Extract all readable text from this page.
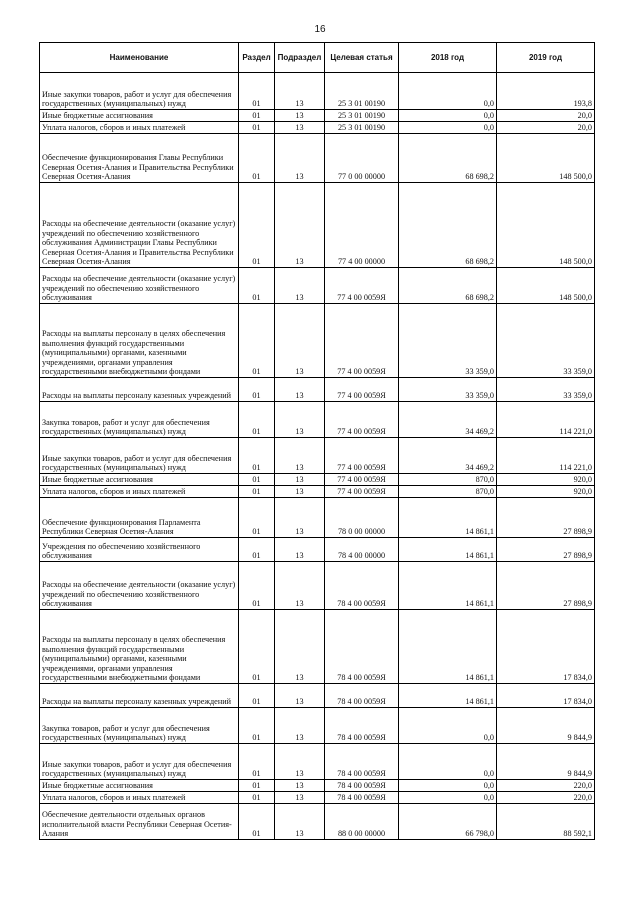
16
Наименование	Раздел	Подраздел	Целевая статья	2018 год	2019 год
Иные закупки товаров, работ и услуг для обеспечения государственных (муниципальных) нужд	01	13	25 3 01 00190	0,0	193,8
Иные бюджетные ассигнования	01	13	25 3 01 00190	0,0	20,0
Уплата налогов, сборов и иных платежей	01	13	25 3 01 00190	0,0	20,0
Обеспечение функционирования Главы Республики Северная Осетия-Алания и Правительства Республики Северная Осетия-Алания	01	13	77 0 00 00000	68 698,2	148 500,0
Расходы на обеспечение деятельности (оказание услуг) учреждений по обеспечению хозяйственного обслуживания Администрации Главы Республики Северная Осетия-Алания и Правительства Республики Северная Осетия-Алания	01	13	77 4 00 00000	68 698,2	148 500,0
Расходы на обеспечение деятельности (оказание услуг) учреждений по обеспечению хозяйственного обслуживания	01	13	77 4 00 0059Я	68 698,2	148 500,0
Расходы на выплаты персоналу в целях обеспечения выполнения функций государственными (муниципальными) органами, казенными учреждениями, органами управления государственными внебюджетными фондами	01	13	77 4 00 0059Я	33 359,0	33 359,0
Расходы на выплаты персоналу казенных учреждений	01	13	77 4 00 0059Я	33 359,0	33 359,0
Закупка товаров, работ и услуг для обеспечения государственных (муниципальных) нужд	01	13	77 4 00 0059Я	34 469,2	114 221,0
Иные закупки товаров, работ и услуг для обеспечения государственных (муниципальных) нужд	01	13	77 4 00 0059Я	34 469,2	114 221,0
Иные бюджетные ассигнования	01	13	77 4 00 0059Я	870,0	920,0
Уплата налогов, сборов и иных платежей	01	13	77 4 00 0059Я	870,0	920,0
Обеспечение функционирования Парламента Республики Северная Осетия-Алания	01	13	78 0 00 00000	14 861,1	27 898,9
Учреждения по обеспечению хозяйственного обслуживания	01	13	78 4 00 00000	14 861,1	27 898,9
Расходы на обеспечение деятельности (оказание услуг) учреждений по обеспечению хозяйственного обслуживания	01	13	78 4 00 0059Я	14 861,1	27 898,9
Расходы на выплаты персоналу в целях обеспечения выполнения функций государственными (муниципальными) органами, казенными учреждениями, органами управления государственными внебюджетными фондами	01	13	78 4 00 0059Я	14 861,1	17 834,0
Расходы на выплаты персоналу казенных учреждений	01	13	78 4 00 0059Я	14 861,1	17 834,0
Закупка товаров, работ и услуг для обеспечения государственных (муниципальных) нужд	01	13	78 4 00 0059Я	0,0	9 844,9
Иные закупки товаров, работ и услуг для обеспечения государственных (муниципальных) нужд	01	13	78 4 00 0059Я	0,0	9 844,9
Иные бюджетные ассигнования	01	13	78 4 00 0059Я	0,0	220,0
Уплата налогов, сборов и иных платежей	01	13	78 4 00 0059Я	0,0	220,0
Обеспечение деятельности отдельных органов исполнительной власти Республики Северная Осетия-Алания	01	13	88 0 00 00000	66 798,0	88 592,1
